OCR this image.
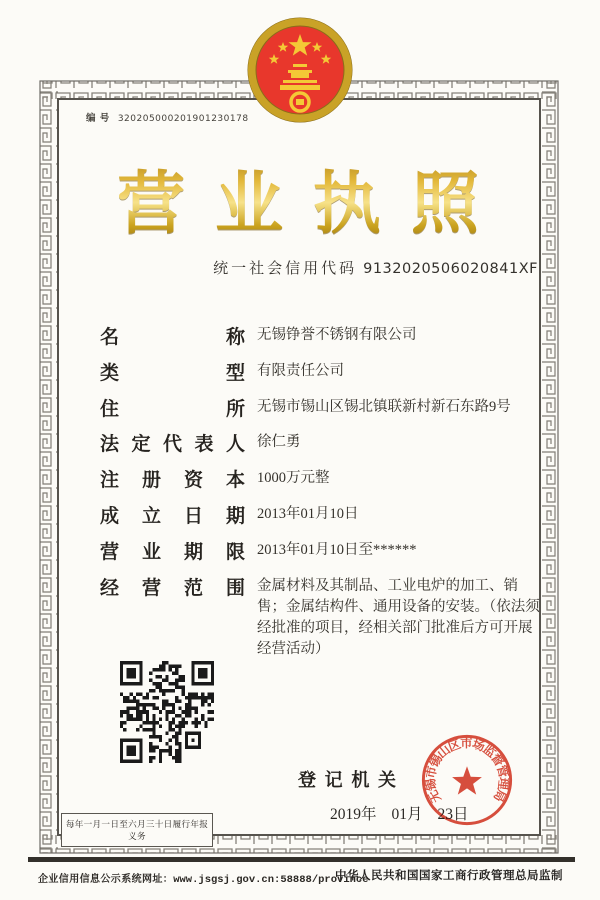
编 号 320205000201901230178
营业执照
统一社会信用代码 9132020506020841XF
名	称 无锡铮誉不锈钢有限公司
类	型 有限责任公司
住	所 无锡市锡山区锡北镇联新村新石东路9号
法 定 代 表 人 徐仁勇
注 册 资 本 1000万元整
成 立 日 期 2013年01月10日
营 业 期 限 2013年01月10日至******
经 营 范 围 金属材料及其制品、工业电炉的加工、销售；金属结构件、通用设备的安装。（依法须经批准的项目，经相关部门批准后方可开展经营活动）
登 记 机 关
2019年 01月 23日
无锡市锡山区市场监督管理局
每年一月一日至六月三十日履行年报义务
企业信用信息公示系统网址：www.jsgsj.gov.cn:58888/province
中华人民共和国国家工商行政管理总局监制
